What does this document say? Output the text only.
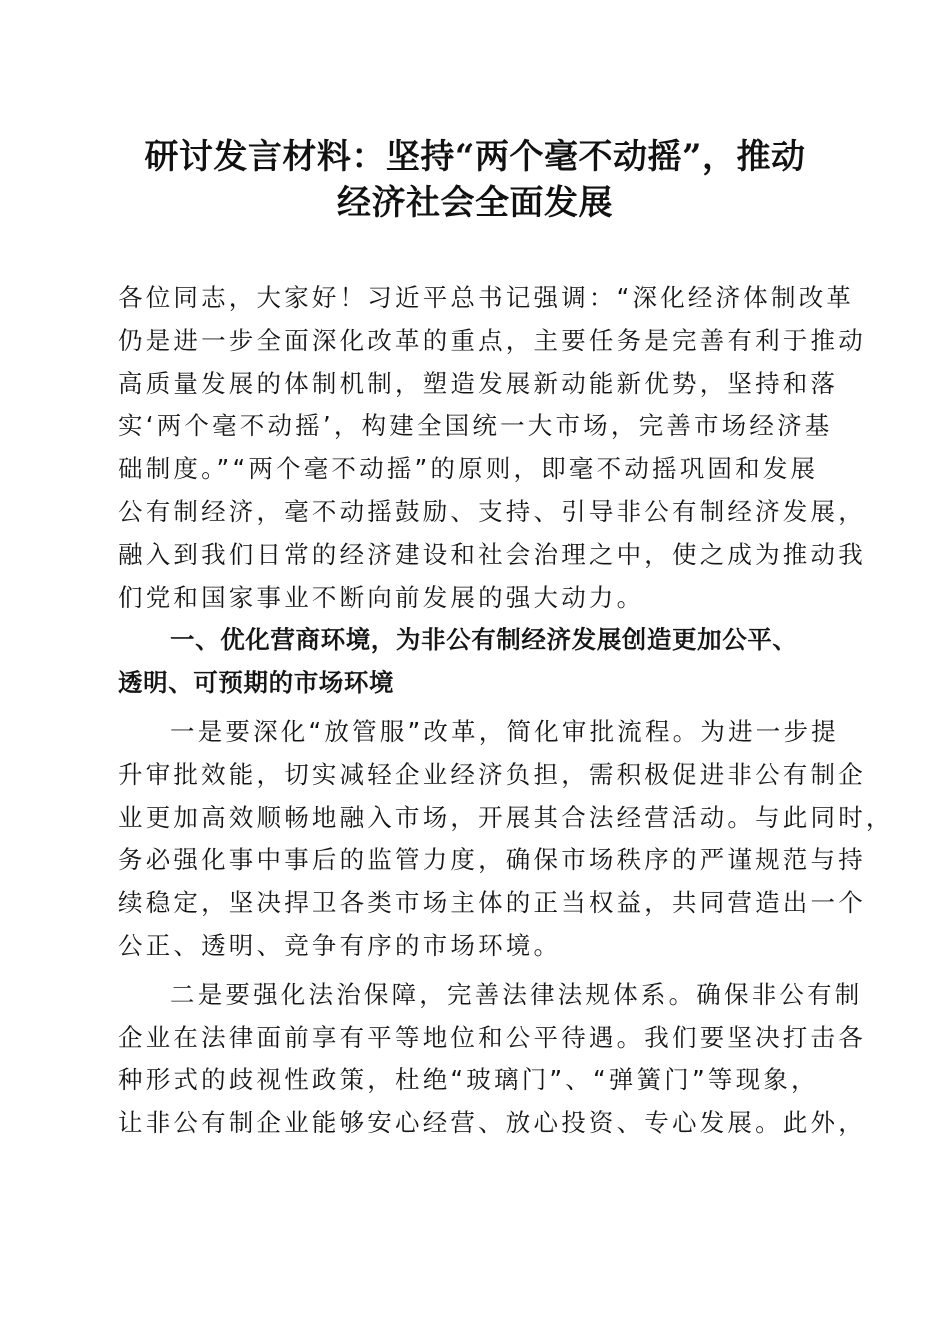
研讨发言材料：坚持“两个毫不动摇”，推动
经济社会全面发展
各位同志，大家好！习近平总书记强调：“深化经济体制改革
仍是进一步全面深化改革的重点，主要任务是完善有利于推动
高质量发展的体制机制，塑造发展新动能新优势，坚持和落
实‘两个毫不动摇’，构建全国统一大市场，完善市场经济基
础制度。”“两个毫不动摇”的原则，即毫不动摇巩固和发展
公有制经济，毫不动摇鼓励、支持、引导非公有制经济发展，
融入到我们日常的经济建设和社会治理之中，使之成为推动我
们党和国家事业不断向前发展的强大动力。
一、优化营商环境，为非公有制经济发展创造更加公平、
透明、可预期的市场环境
一是要深化“放管服”改革，简化审批流程。为进一步提
升审批效能，切实减轻企业经济负担，需积极促进非公有制企
业更加高效顺畅地融入市场，开展其合法经营活动。与此同时，
务必强化事中事后的监管力度，确保市场秩序的严谨规范与持
续稳定，坚决捍卫各类市场主体的正当权益，共同营造出一个
公正、透明、竞争有序的市场环境。
二是要强化法治保障，完善法律法规体系。确保非公有制
企业在法律面前享有平等地位和公平待遇。我们要坚决打击各
种形式的歧视性政策，杜绝“玻璃门”、“弹簧门”等现象，
让非公有制企业能够安心经营、放心投资、专心发展。此外，
